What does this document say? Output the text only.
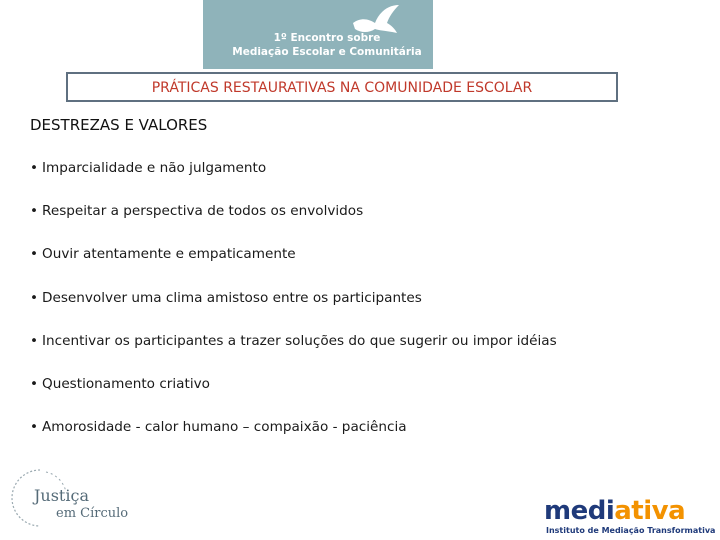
1º Encontro sobre
Mediação Escolar e Comunitária
PRÁTICAS RESTAURATIVAS NA COMUNIDADE ESCOLAR
DESTREZAS E VALORES
• Imparcialidade e não julgamento
• Respeitar a perspectiva de todos os envolvidos
• Ouvir atentamente e empaticamente
• Desenvolver uma clima amistoso entre os participantes
• Incentivar os participantes a trazer soluções do que sugerir ou impor idéias
• Questionamento criativo
• Amorosidade - calor humano – compaixão - paciência
Justiça
em Círculo	mediativa
Instituto de Mediação Transformativa
